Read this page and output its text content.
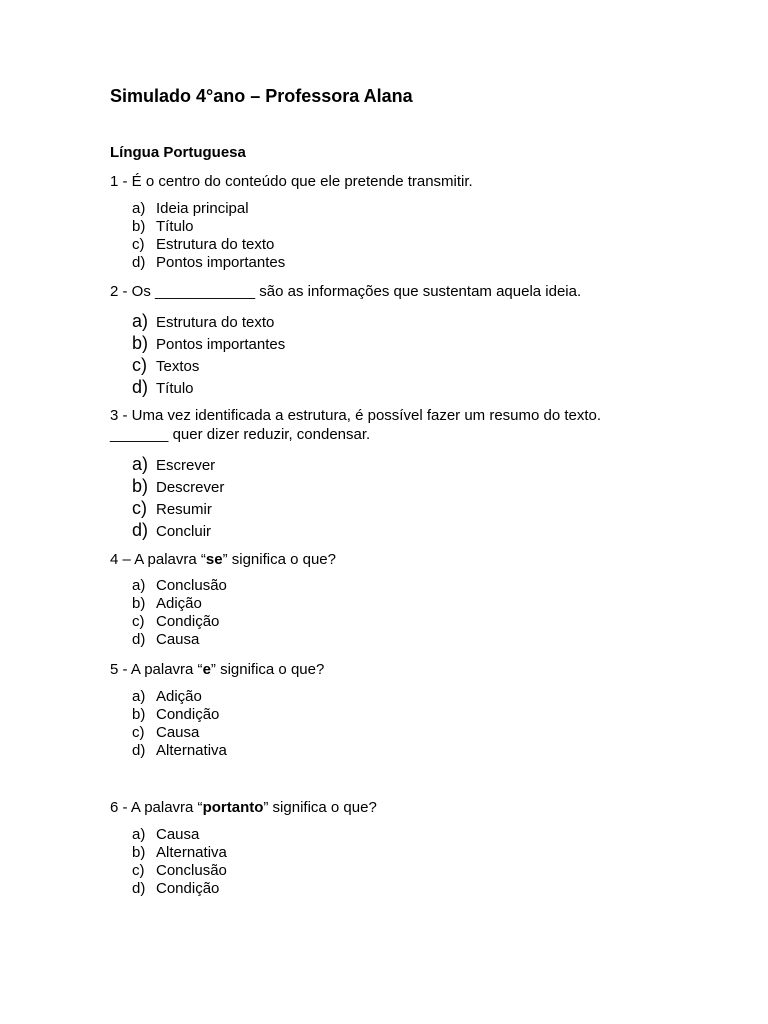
Simulado 4°ano – Professora Alana
Língua Portuguesa
1 - É o centro do conteúdo que ele pretende transmitir.
a) Ideia principal
b) Título
c) Estrutura do texto
d) Pontos importantes
2 - Os ____________ são as informações que sustentam aquela ideia.
a) Estrutura do texto
b) Pontos importantes
c) Textos
d) Título
3 - Uma vez identificada a estrutura, é possível fazer um resumo do texto.
_______ quer dizer reduzir, condensar.
a) Escrever
b) Descrever
c) Resumir
d) Concluir
4 – A palavra “se” significa o que?
a) Conclusão
b) Adição
c) Condição
d) Causa
5 - A palavra “e” significa o que?
a) Adição
b) Condição
c) Causa
d) Alternativa
6 - A palavra “portanto” significa o que?
a) Causa
b) Alternativa
c) Conclusão
d) Condição
